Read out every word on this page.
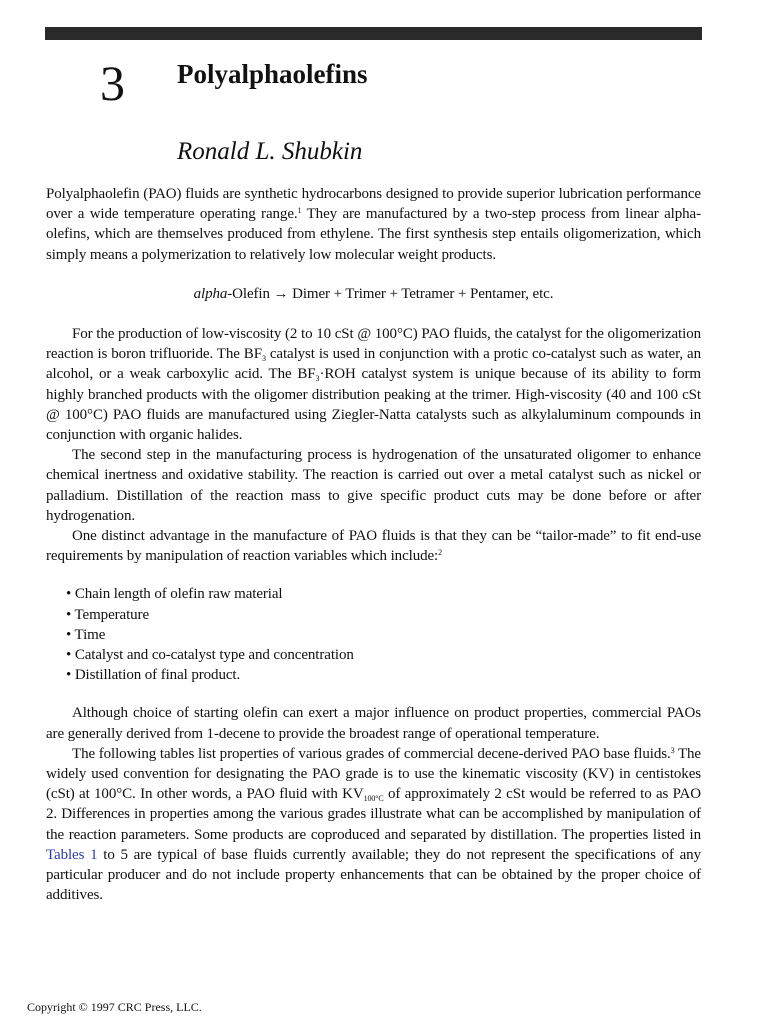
3 Polyalphaolefins
Ronald L. Shubkin

Polyalphaolefin (PAO) fluids are synthetic hydrocarbons designed to provide superior lubrication performance over a wide temperature operating range.$^1$ They are manufactured by a two-step process from linear alpha-olefins, which are themselves produced from ethylene. The first synthesis step entails oligomerization, which simply means a polymerization to relatively low molecular weight products.

alpha-Olefin → Dimer + Trimer + Tetramer + Pentamer, etc.

For the production of low-viscosity (2 to 10 cSt @ 100°C) PAO fluids, the catalyst for the oligomerization reaction is boron trifluoride. The $BF_3$ catalyst is used in conjunction with a protic co-catalyst such as water, an alcohol, or a weak carboxylic acid. The $BF_3\cdot ROH$ catalyst system is unique because of its ability to form highly branched products with the oligomer distribution peaking at the trimer. High-viscosity (40 and 100 cSt @ 100°C) PAO fluids are manufactured using Ziegler-Natta catalysts such as alkylaluminum compounds in conjunction with organic halides.

The second step in the manufacturing process is hydrogenation of the unsaturated oligomer to enhance chemical inertness and oxidative stability. The reaction is carried out over a metal catalyst such as nickel or palladium. Distillation of the reaction mass to give specific product cuts may be done before or after hydrogenation.

One distinct advantage in the manufacture of PAO fluids is that they can be “tailor-made” to fit end-use requirements by manipulation of reaction variables which include:$^2$

• Chain length of olefin raw material
• Temperature
• Time
• Catalyst and co-catalyst type and concentration
• Distillation of final product.

Although choice of starting olefin can exert a major influence on product properties, commercial PAOs are generally derived from 1-decene to provide the broadest range of operational temperature.

The following tables list properties of various grades of commercial decene-derived PAO base fluids.$^3$ The widely used convention for designating the PAO grade is to use the kinematic viscosity (KV) in centistokes (cSt) at 100°C. In other words, a PAO fluid with $KV_{100^\circ C}$ of approximately 2 cSt would be referred to as PAO 2. Differences in properties among the various grades illustrate what can be accomplished by manipulation of the reaction parameters. Some products are coproduced and separated by distillation. The properties listed in Tables 1 to 5 are typical of base fluids currently available; they do not represent the specifications of any particular producer and do not include property enhancements that can be obtained by the proper choice of additives.

Copyright © 1997 CRC Press, LLC.
